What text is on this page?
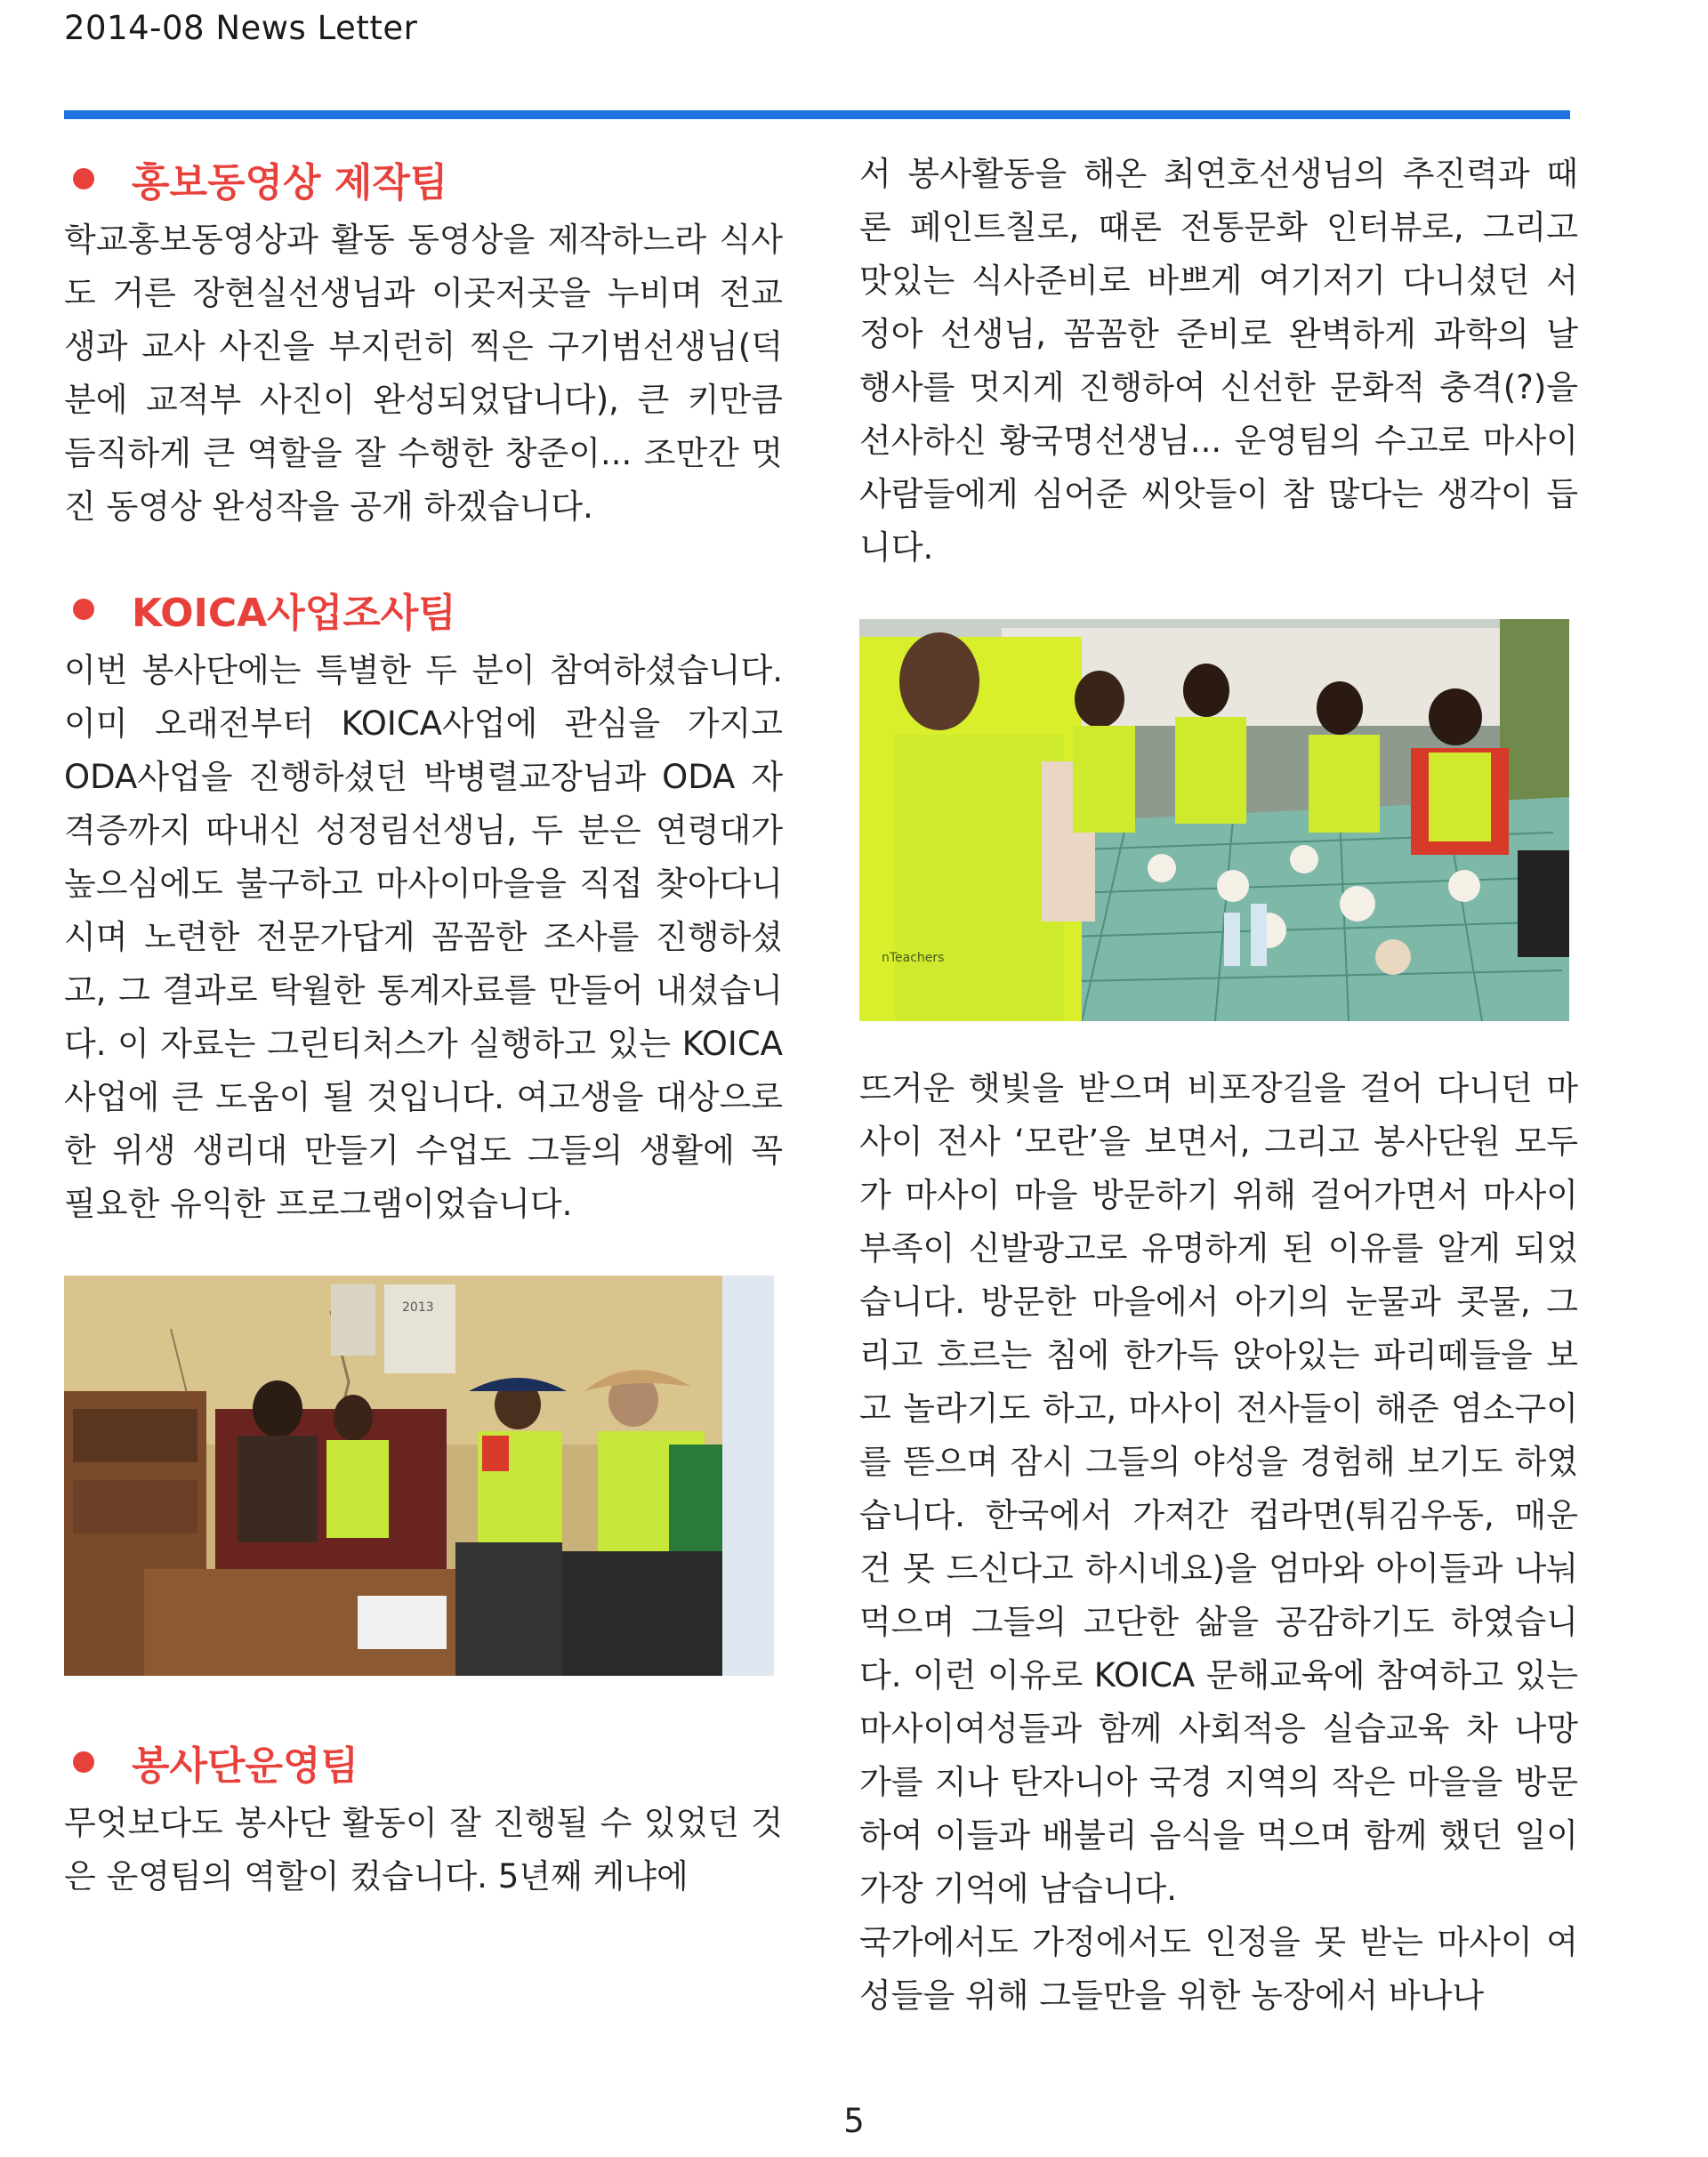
2014-08 News Letter
홍보동영상 제작팀

학교홍보동영상과 활동 동영상을 제작하느라 식사도 거른 장현실선생님과 이곳저곳을 누비며 전교생과 교사 사진을 부지런히 찍은 구기범선생님(덕분에 교적부 사진이 완성되었답니다), 큰 키만큼 듬직하게 큰 역할을 잘 수행한 창준이... 조만간 멋진 동영상 완성작을 공개 하겠습니다.

KOICA사업조사팀

이번 봉사단에는 특별한 두 분이 참여하셨습니다. 이미 오래전부터 KOICA사업에 관심을 가지고 ODA사업을 진행하셨던 박병렬교장님과 ODA 자격증까지 따내신 성정림선생님, 두 분은 연령대가 높으심에도 불구하고 마사이마을을 직접 찾아다니시며 노련한 전문가답게 꼼꼼한 조사를 진행하셨고, 그 결과로 탁월한 통계자료를 만들어 내셨습니다. 이 자료는 그린티처스가 실행하고 있는 KOICA사업에 큰 도움이 될 것입니다. 여고생을 대상으로 한 위생 생리대 만들기 수업도 그들의 생활에 꼭 필요한 유익한 프로그램이었습니다.

2013
봉사단운영팀

무엇보다도 봉사단 활동이 잘 진행될 수 있었던 것은 운영팀의 역할이 컸습니다. 5년째 케냐에

서 봉사활동을 해온 최연호선생님의 추진력과 때론 페인트칠로, 때론 전통문화 인터뷰로, 그리고 맛있는 식사준비로 바쁘게 여기저기 다니셨던 서정아 선생님, 꼼꼼한 준비로 완벽하게 과학의 날 행사를 멋지게 진행하여 신선한 문화적 충격(?)을 선사하신 황국명선생님... 운영팀의 수고로 마사이사람들에게 심어준 씨앗들이 참 많다는 생각이 듭니다.

nTeachers

뜨거운 햇빛을 받으며 비포장길을 걸어 다니던 마사이 전사 ‘모란’을 보면서, 그리고 봉사단원 모두가 마사이 마을 방문하기 위해 걸어가면서 마사이부족이 신발광고로 유명하게 된 이유를 알게 되었습니다. 방문한 마을에서 아기의 눈물과 콧물, 그리고 흐르는 침에 한가득 앉아있는 파리떼들을 보고 놀라기도 하고, 마사이 전사들이 해준 염소구이를 뜯으며 잠시 그들의 야성을 경험해 보기도 하였습니다. 한국에서 가져간 컵라면(튀김우동, 매운 건 못 드신다고 하시네요)을 엄마와 아이들과 나눠먹으며 그들의 고단한 삶을 공감하기도 하였습니다. 이런 이유로 KOICA 문해교육에 참여하고 있는 마사이여성들과 함께 사회적응 실습교육 차 나망가를 지나 탄자니아 국경 지역의 작은 마을을 방문하여 이들과 배불리 음식을 먹으며 함께 했던 일이 가장 기억에 남습니다.

국가에서도 가정에서도 인정을 못 받는 마사이 여성들을 위해 그들만을 위한 농장에서 바나나

5
